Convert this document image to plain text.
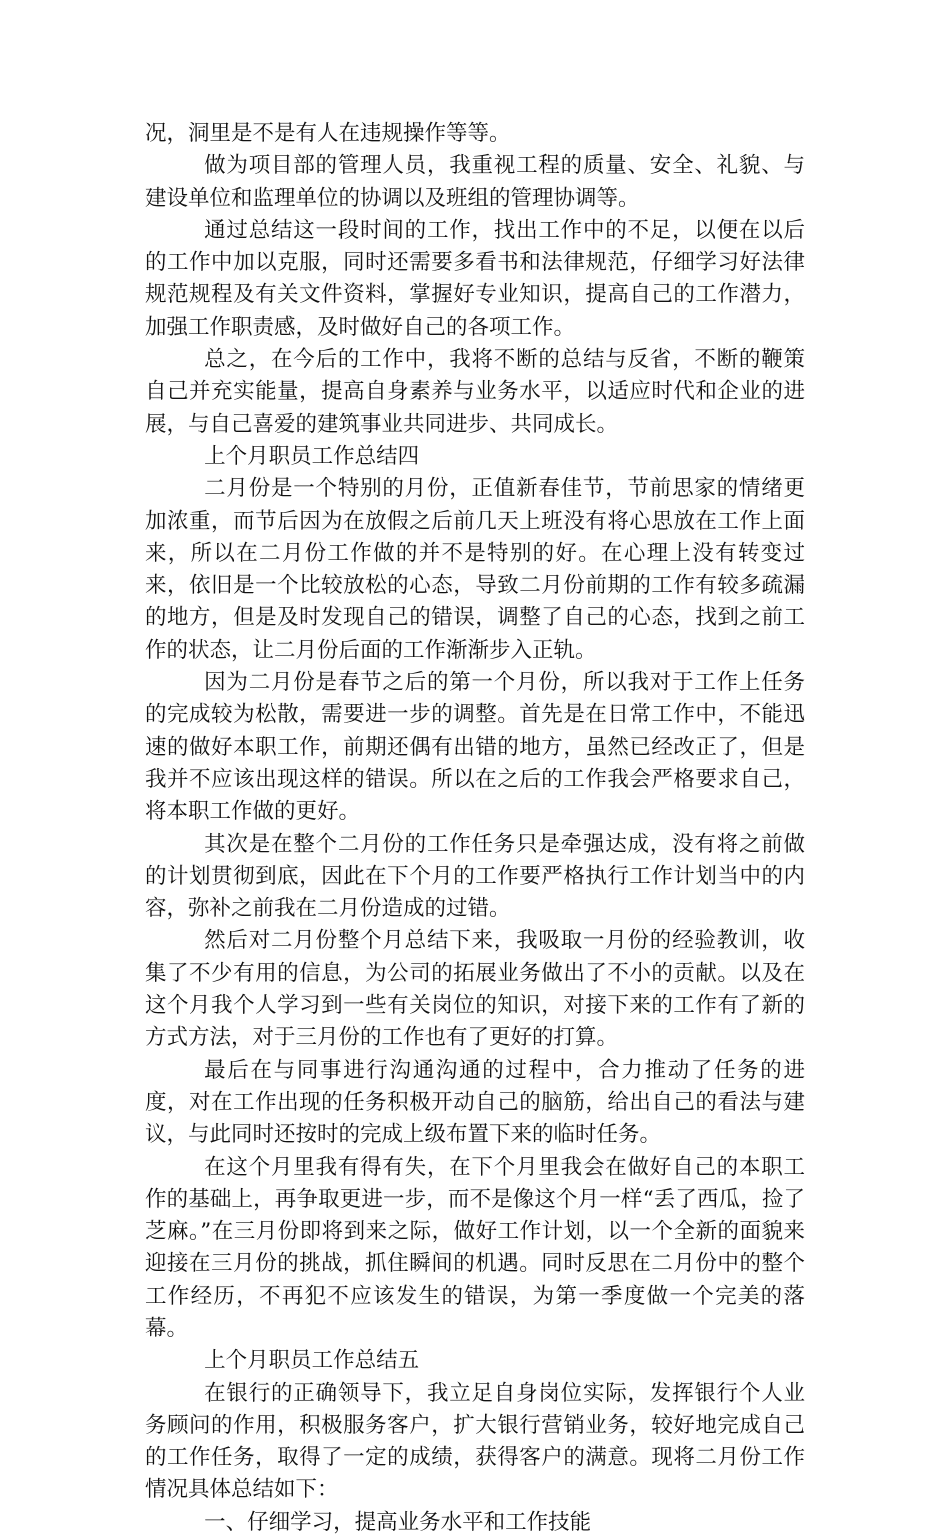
况，洞里是不是有人在违规操作等等。

做为项目部的管理人员，我重视工程的质量、安全、礼貌、与建设单位和监理单位的协调以及班组的管理协调等。

通过总结这一段时间的工作，找出工作中的不足，以便在以后的工作中加以克服，同时还需要多看书和法律规范，仔细学习好法律规范规程及有关文件资料，掌握好专业知识，提高自己的工作潜力，加强工作职责感，及时做好自己的各项工作。

总之，在今后的工作中，我将不断的总结与反省，不断的鞭策自己并充实能量，提高自身素养与业务水平，以适应时代和企业的进展，与自己喜爱的建筑事业共同进步、共同成长。

上个月职员工作总结四

二月份是一个特别的月份，正值新春佳节，节前思家的情绪更加浓重，而节后因为在放假之后前几天上班没有将心思放在工作上面来，所以在二月份工作做的并不是特别的好。在心理上没有转变过来，依旧是一个比较放松的心态，导致二月份前期的工作有较多疏漏的地方，但是及时发现自己的错误，调整了自己的心态，找到之前工作的状态，让二月份后面的工作渐渐步入正轨。

因为二月份是春节之后的第一个月份，所以我对于工作上任务的完成较为松散，需要进一步的调整。首先是在日常工作中，不能迅速的做好本职工作，前期还偶有出错的地方，虽然已经改正了，但是我并不应该出现这样的错误。所以在之后的工作我会严格要求自己，将本职工作做的更好。

其次是在整个二月份的工作任务只是牵强达成，没有将之前做的计划贯彻到底，因此在下个月的工作要严格执行工作计划当中的内容，弥补之前我在二月份造成的过错。

然后对二月份整个月总结下来，我吸取一月份的经验教训，收集了不少有用的信息，为公司的拓展业务做出了不小的贡献。以及在这个月我个人学习到一些有关岗位的知识，对接下来的工作有了新的方式方法，对于三月份的工作也有了更好的打算。

最后在与同事进行沟通沟通的过程中，合力推动了任务的进度，对在工作出现的任务积极开动自己的脑筋，给出自己的看法与建议，与此同时还按时的完成上级布置下来的临时任务。

在这个月里我有得有失，在下个月里我会在做好自己的本职工作的基础上，再争取更进一步，而不是像这个月一样“丢了西瓜，捡了芝麻。”在三月份即将到来之际，做好工作计划，以一个全新的面貌来迎接在三月份的挑战，抓住瞬间的机遇。同时反思在二月份中的整个工作经历，不再犯不应该发生的错误，为第一季度做一个完美的落幕。

上个月职员工作总结五

在银行的正确领导下，我立足自身岗位实际，发挥银行个人业务顾问的作用，积极服务客户，扩大银行营销业务，较好地完成自己的工作任务，取得了一定的成绩，获得客户的满意。现将二月份工作情况具体总结如下：

一、仔细学习，提高业务水平和工作技能
